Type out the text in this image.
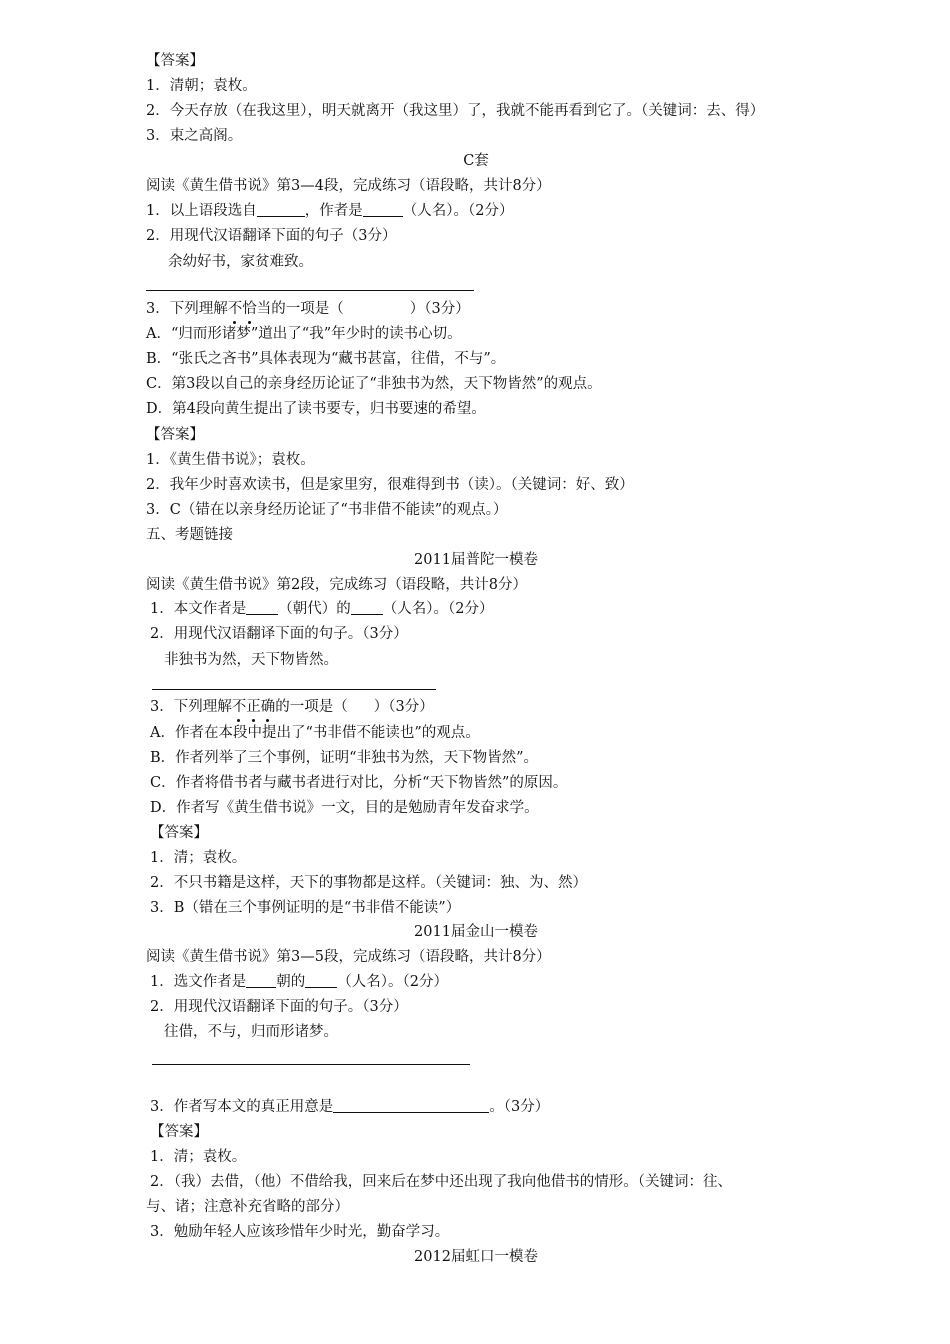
【答案】
1．清朝；袁枚。
2．今天存放（在我这里），明天就离开（我这里）了，我就不能再看到它了。（关键词：去、得）
3．束之高阁。
C套
阅读《黄生借书说》第3—4段，完成练习（语段略，共计8分）
1．以上语段选自	，作者是	（人名）。（2分）
2．用现代汉语翻译下面的句子（3分）
余幼好书，家贫难致。
3．下列理解不恰当的一项是（	）（3分）
A．“归而形诸梦”道出了“我”年少时的读书心切。
B．“张氏之吝书”具体表现为“藏书甚富，往借，不与”。
C．第3段以自己的亲身经历论证了“非独书为然，天下物皆然”的观点。
D．第4段向黄生提出了读书要专，归书要速的希望。
【答案】
1．《黄生借书说》；袁枚。
2．我年少时喜欢读书，但是家里穷，很难得到书（读）。（关键词：好、致）
3．C（错在以亲身经历论证了“书非借不能读”的观点。）
五、考题链接
2011届普陀一模卷
阅读《黄生借书说》第2段，完成练习（语段略，共计8分）
1．本文作者是 （朝代）的 （人名）。（2分）
2．用现代汉语翻译下面的句子。（3分）
非独书为然，天下物皆然。
3．下列理解不正确的一项是（ ）（3分）
A．作者在本段中提出了“书非借不能读也”的观点。
B．作者列举了三个事例，证明“非独书为然，天下物皆然”。
C．作者将借书者与藏书者进行对比，分析“天下物皆然”的原因。
D．作者写《黄生借书说》一文，目的是勉励青年发奋求学。
【答案】
1．清；袁枚。
2．不只书籍是这样，天下的事物都是这样。（关键词：独、为、然）
3．B（错在三个事例证明的是“书非借不能读”）
2011届金山一模卷
阅读《黄生借书说》第3—5段，完成练习（语段略，共计8分）
1．选文作者是 朝的 （人名）。（2分）
2．用现代汉语翻译下面的句子。（3分）
往借，不与，归而形诸梦。
3．作者写本文的真正用意是	。（3分）
【答案】
1．清；袁枚。
2．（我）去借，（他）不借给我，回来后在梦中还出现了我向他借书的情形。（关键词：往、
与、诸；注意补充省略的部分）
3．勉励年轻人应该珍惜年少时光，勤奋学习。
2012届虹口一模卷
